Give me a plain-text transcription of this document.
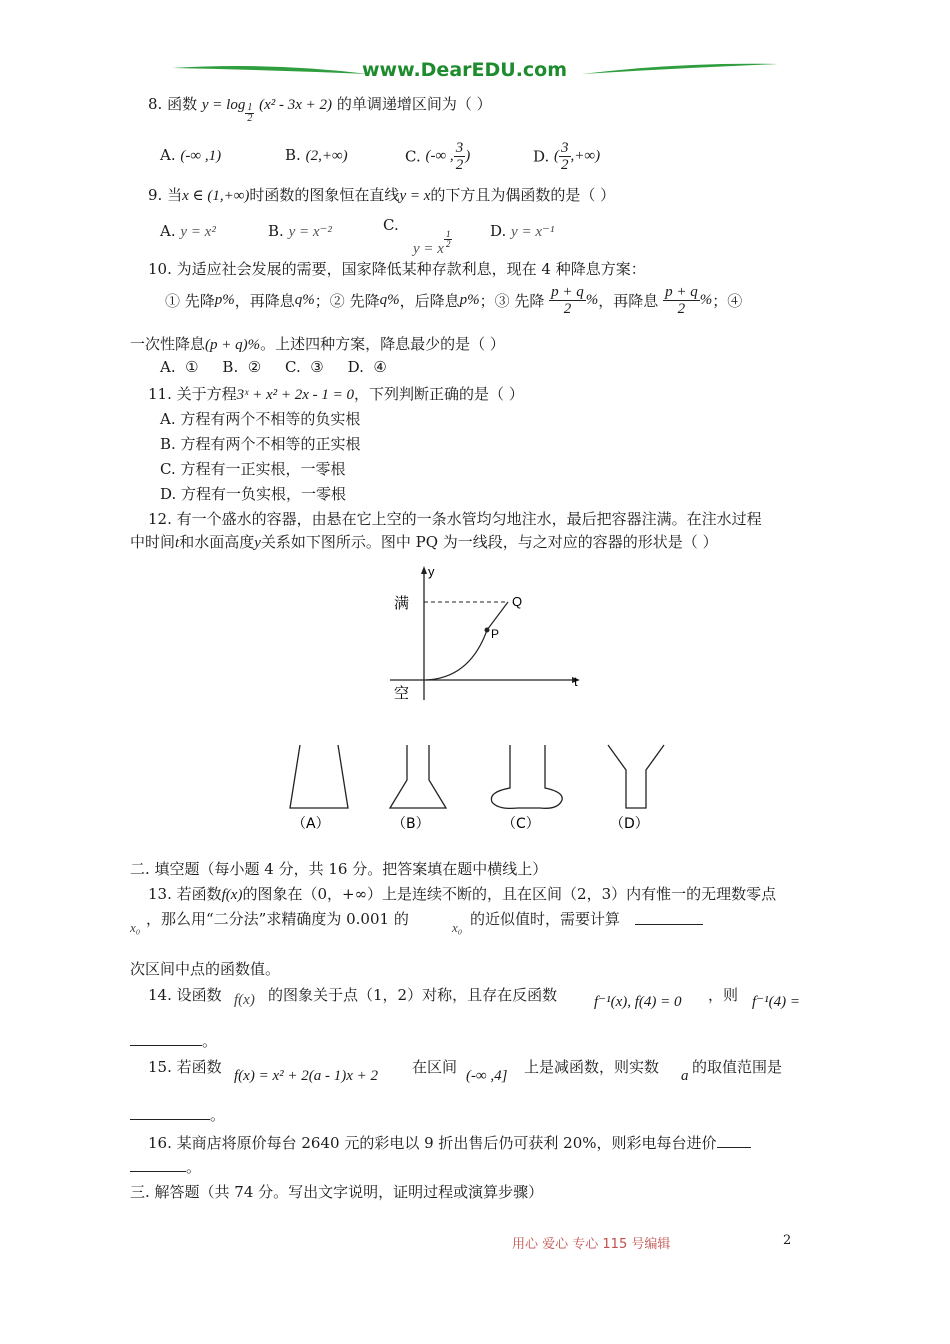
www.DearEDU.com
8. 函数 $y = \log \frac{1}{2} (x^2 - 3x + 2)$ 的单调递增区间为（ ）
A. (-∞ ,1)	B. (2,+∞)	C. (-∞ , $\frac{3}{2}$ )	D. ( $\frac{3}{2}$ ,+∞)
9. 当x ∈ (1,+∞)时函数的图象恒在直线y = x的下方且为偶函数的是（ ）
A. y = x²	B. y = x⁻²	C.
y = x $\frac{1}{2}$	D. y = x⁻¹
10. 为适应社会发展的需要，国家降低某种存款利息，现在 4 种降息方案：
① 先降p%，再降息q%；② 先降q%，后降息p%；③ 先降 $\frac{p + q}{2}$ %，再降息 $\frac{p + q}{2}$ %；④
一次性降息(p + q)%。上述四种方案，降息最少的是（ ）
A.  ①     B.  ②     C.  ③     D.  ④
11. 关于方程3ˣ + x² + 2x - 1 = 0，下列判断正确的是（ ）
A. 方程有两个不相等的负实根
B. 方程有两个不相等的正实根
C. 方程有一正实根，一零根
D. 方程有一负实根，一零根
12. 有一个盛水的容器，由悬在它上空的一条水管均匀地注水，最后把容器注满。在注水过程
中时间t和水面高度y关系如下图所示。图中 PQ 为一线段，与之对应的容器的形状是（ ）
y
t
满
空
P
Q
（A）	（B）	（C）	（D）
二. 填空题（每小题 4 分，共 16 分。把答案填在题中横线上）
13. 若函数f(x)的图象在（0，+∞）上是连续不断的，且在区间（2，3）内有惟一的无理数零点
x₀ ，那么用“二分法”求精确度为 0.001 的	x₀ 的近似值时，需要计算
次区间中点的函数值。
14. 设函数 f(x) 的图象关于点（1，2）对称，且存在反函数 f⁻¹(x), f(4) = 0 ，则 f⁻¹(4) =
。
15. 若函数 f(x) = x² + 2(a - 1)x + 2 在区间 (-∞ ,4] 上是减函数，则实数 a 的取值范围是
。
16. 某商店将原价每台 2640 元的彩电以 9 折出售后仍可获利 20%，则彩电每台进价
。
三. 解答题（共 74 分。写出文字说明，证明过程或演算步骤）
用心 爱心 专心 115 号编辑	2
